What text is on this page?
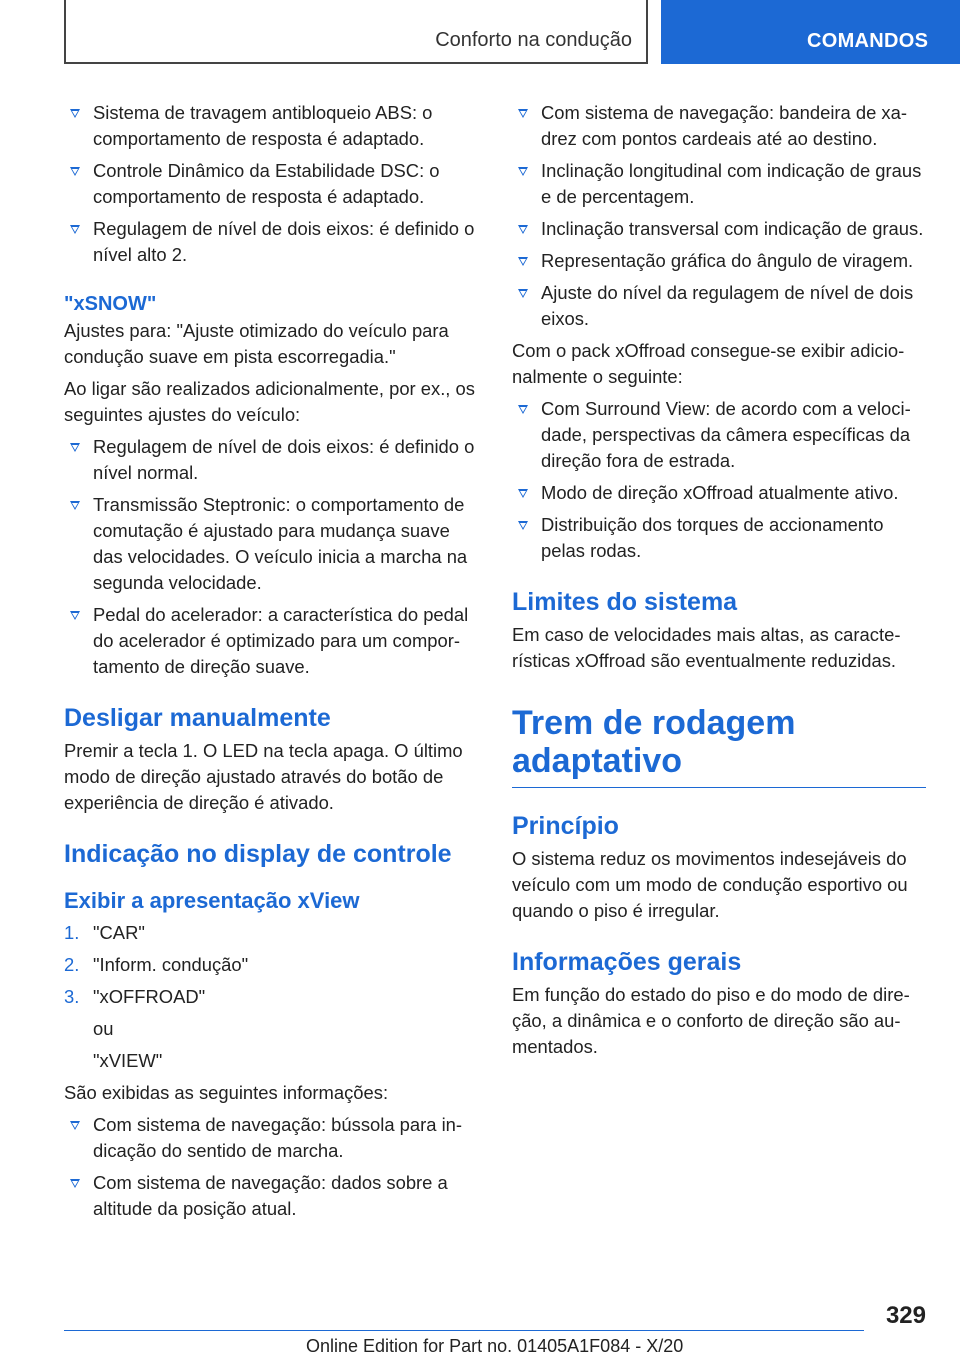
Conforto na condução	COMANDOS
Sistema de travagem antibloqueio ABS: o comportamento de resposta é adaptado.
Controle Dinâmico da Estabilidade DSC: o comportamento de resposta é adaptado.
Regulagem de nível de dois eixos: é definido o nível alto 2.
"xSNOW"

Ajustes para: "Ajuste otimizado do veículo para condução suave em pista escorregadia."

Ao ligar são realizados adicionalmente, por ex., os seguintes ajustes do veículo:

Regulagem de nível de dois eixos: é definido o nível normal.
Transmissão Steptronic: o comportamento de comutação é ajustado para mudança suave das velocidades. O veículo inicia a marcha na segunda velocidade.
Pedal do acelerador: a característica do pedal do acelerador é optimizado para um comportamento de direção suave.
Desligar manualmente

Premir a tecla 1. O LED na tecla apaga. O último modo de direção ajustado através do botão de experiência de direção é ativado.

Indicação no display de controle
Exibir a apresentação xView
1. "CAR"
2. "Inform. condução"
3. "xOFFROAD"

ou

"xVIEW"

São exibidas as seguintes informações:

Com sistema de navegação: bússola para indicação do sentido de marcha.
Com sistema de navegação: dados sobre a altitude da posição atual.
Com sistema de navegação: bandeira de xadrez com pontos cardeais até ao destino.
Inclinação longitudinal com indicação de graus e de percentagem.
Inclinação transversal com indicação de graus.
Representação gráfica do ângulo de viragem.
Ajuste do nível da regulagem de nível de dois eixos.

Com o pack xOffroad consegue-se exibir adicionalmente o seguinte:

Com Surround View: de acordo com a velocidade, perspectivas da câmera específicas da direção fora de estrada.
Modo de direção xOffroad atualmente ativo.
Distribuição dos torques de accionamento pelas rodas.
Limites do sistema

Em caso de velocidades mais altas, as características xOffroad são eventualmente reduzidas.

Trem de rodagem adaptativo
Princípio

O sistema reduz os movimentos indesejáveis do veículo com um modo de condução esportivo ou quando o piso é irregular.

Informações gerais

Em função do estado do piso e do modo de direção, a dinâmica e o conforto de direção são aumentados.

329
Online Edition for Part no. 01405A1F084 - X/20
